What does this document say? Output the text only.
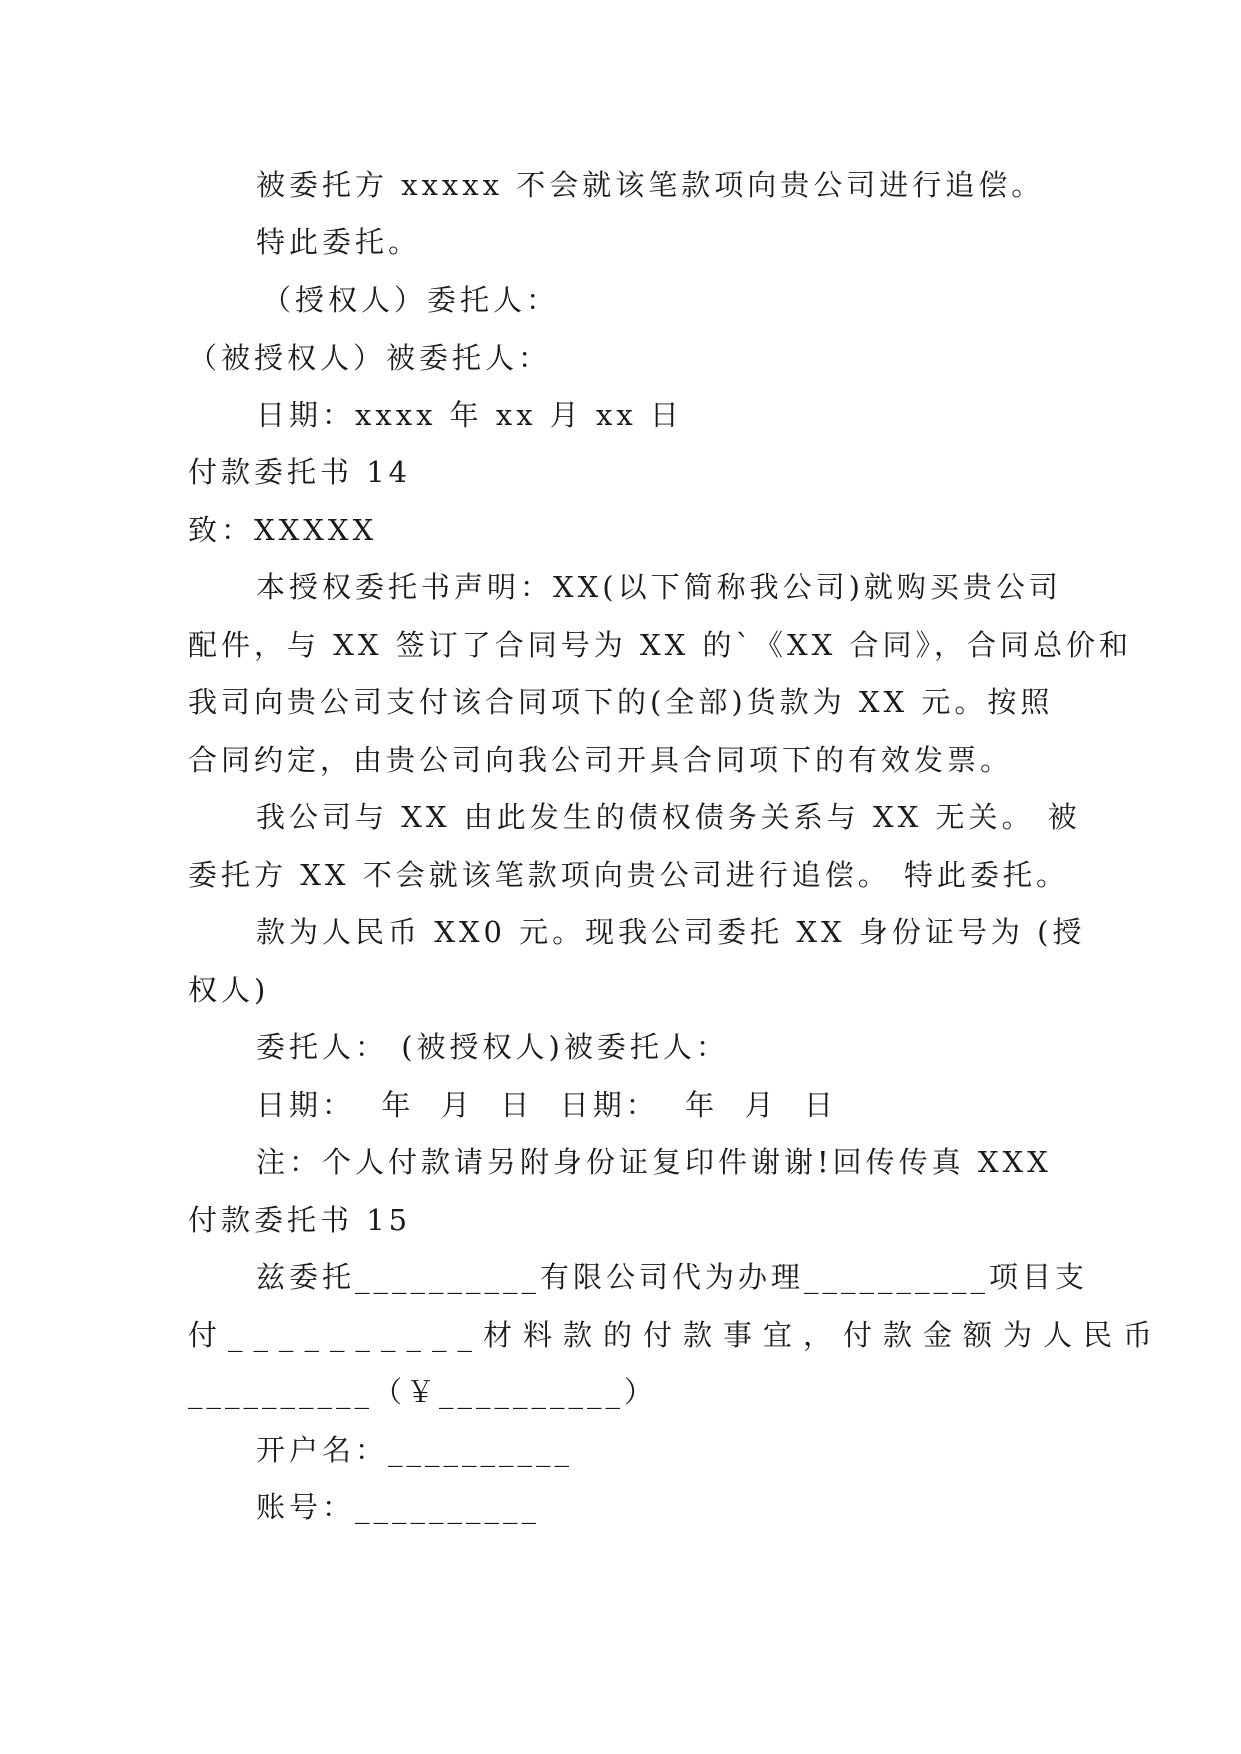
被委托方 xxxxx 不会就该笔款项向贵公司进行追偿。
特此委托。
（授权人）委托人：
（被授权人）被委托人：
日期：xxxx 年 xx 月 xx 日
付款委托书 14
致：XXXXX
本授权委托书声明：XX(以下简称我公司)就购买贵公司
配件，与 XX 签订了合同号为 XX 的`《XX 合同》，合同总价和
我司向贵公司支付该合同项下的(全部)货款为 XX 元。按照
合同约定，由贵公司向我公司开具合同项下的有效发票。
我公司与 XX 由此发生的债权债务关系与 XX 无关。 被
委托方 XX 不会就该笔款项向贵公司进行追偿。 特此委托。
款为人民币 XX0 元。现我公司委托 XX 身份证号为 (授
权人)
委托人： (被授权人)被委托人：
日期：  年  月  日  日期：  年  月  日
注：个人付款请另附身份证复印件谢谢!回传传真 XXX
付款委托书 15
兹委托__________有限公司代为办理__________项目支
付__________材料款的付款事宜，付款金额为人民币
__________（￥__________）
开户名：__________
账号：__________
